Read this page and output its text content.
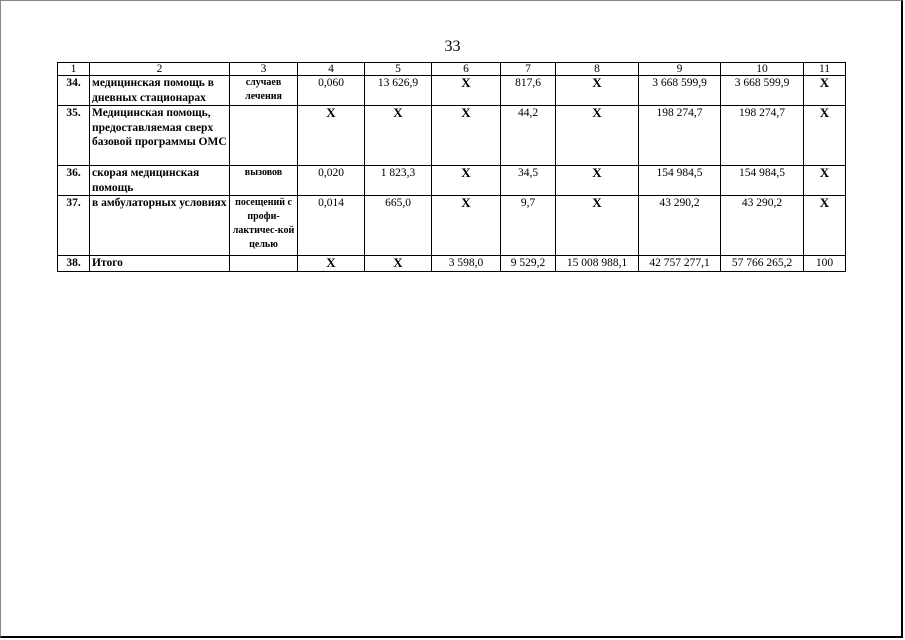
33
1	2	3	4	5	6	7	8	9	10	11
34.	медицинская помощь в дневных стационарах	случаев лечения	0,060	13 626,9	Х	817,6	Х	3 668 599,9	3 668 599,9	Х
35.	Медицинская помощь, предоставляемая сверх базовой программы ОМС		Х	Х	Х	44,2	Х	198 274,7	198 274,7	Х
36.	скорая медицинская помощь	вызовов	0,020	1 823,3	Х	34,5	Х	154 984,5	154 984,5	Х
37.	в амбулаторных условиях	посещений с профи-лактичес-кой целью	0,014	665,0	Х	9,7	Х	43 290,2	43 290,2	Х
38.	Итого		Х	Х	3 598,0	9 529,2	15 008 988,1	42 757 277,1	57 766 265,2	100
